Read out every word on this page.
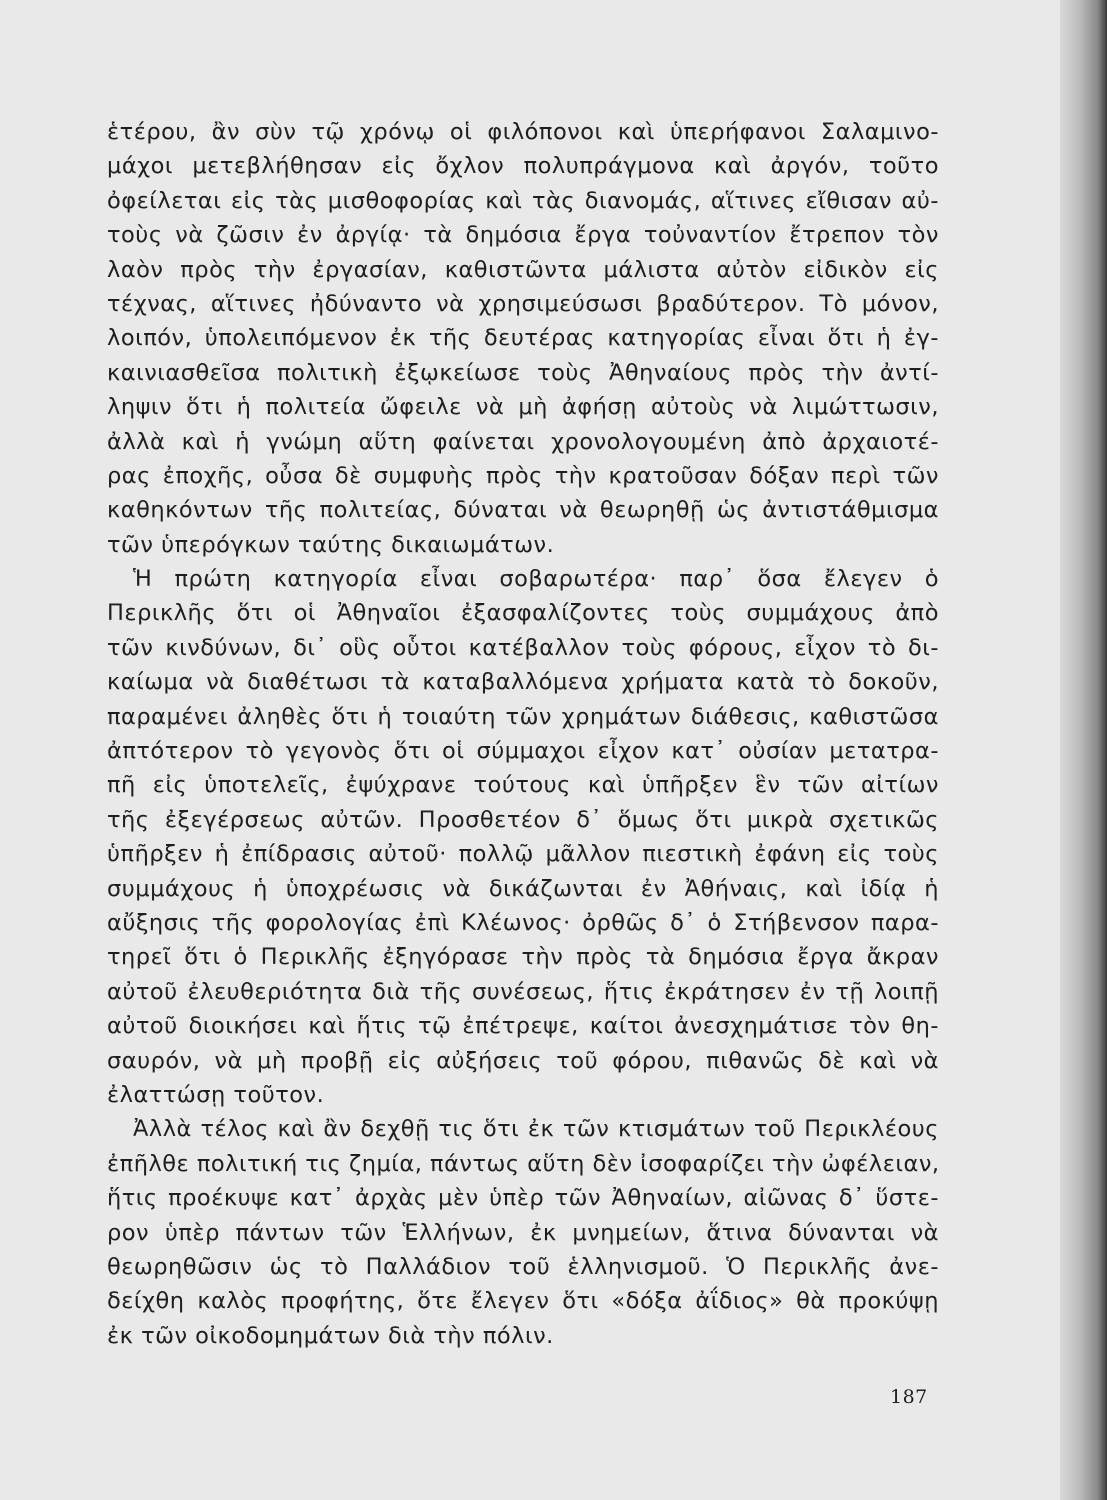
ἑτέρου, ἂν σὺν τῷ χρόνῳ οἱ φιλόπονοι καὶ ὑπερήφανοι Σαλαμινο-
μάχοι μετεβλήθησαν εἰς ὄχλον πολυπράγμονα καὶ ἀργόν, τοῦτο
ὀφείλεται εἰς τὰς μισθοφορίας καὶ τὰς διανομάς, αἵτινες εἴθισαν αὐ-
τοὺς νὰ ζῶσιν ἐν ἀργίᾳ· τὰ δημόσια ἔργα τοὐναντίον ἔτρεπον τὸν
λαὸν πρὸς τὴν ἐργασίαν, καθιστῶντα μάλιστα αὐτὸν εἰδικὸν εἰς
τέχνας, αἵτινες ἠδύναντο νὰ χρησιμεύσωσι βραδύτερον. Τὸ μόνον,
λοιπόν, ὑπολειπόμενον ἐκ τῆς δευτέρας κατηγορίας εἶναι ὅτι ἡ ἐγ-
καινιασθεῖσα πολιτικὴ ἐξῳκείωσε τοὺς Ἀθηναίους πρὸς τὴν ἀντί-
ληψιν ὅτι ἡ πολιτεία ὤφειλε νὰ μὴ ἀφήσῃ αὐτοὺς νὰ λιμώττωσιν,
ἀλλὰ καὶ ἡ γνώμη αὕτη φαίνεται χρονολογουμένη ἀπὸ ἀρχαιοτέ-
ρας ἐποχῆς, οὖσα δὲ συμφυὴς πρὸς τὴν κρατοῦσαν δόξαν περὶ τῶν
καθηκόντων τῆς πολιτείας, δύναται νὰ θεωρηθῇ ὡς ἀντιστάθμισμα
τῶν ὑπερόγκων ταύτης δικαιωμάτων.
Ἡ πρώτη κατηγορία εἶναι σοβαρωτέρα· παρ᾽ ὅσα ἔλεγεν ὁ
Περικλῆς ὅτι οἱ Ἀθηναῖοι ἐξασφαλίζοντες τοὺς συμμάχους ἀπὸ
τῶν κινδύνων, δι᾽ οὓς οὗτοι κατέβαλλον τοὺς φόρους, εἶχον τὸ δι-
καίωμα νὰ διαθέτωσι τὰ καταβαλλόμενα χρήματα κατὰ τὸ δοκοῦν,
παραμένει ἀληθὲς ὅτι ἡ τοιαύτη τῶν χρημάτων διάθεσις, καθιστῶσα
ἀπτότερον τὸ γεγονὸς ὅτι οἱ σύμμαχοι εἶχον κατ᾽ οὐσίαν μετατρα-
πῆ εἰς ὑποτελεῖς, ἐψύχρανε τούτους καὶ ὑπῆρξεν ἓν τῶν αἰτίων
τῆς ἐξεγέρσεως αὐτῶν. Προσθετέον δ᾽ ὅμως ὅτι μικρὰ σχετικῶς
ὑπῆρξεν ἡ ἐπίδρασις αὐτοῦ· πολλῷ μᾶλλον πιεστικὴ ἐφάνη εἰς τοὺς
συμμάχους ἡ ὑποχρέωσις νὰ δικάζωνται ἐν Ἀθήναις, καὶ ἰδίᾳ ἡ
αὔξησις τῆς φορολογίας ἐπὶ Κλέωνος· ὀρθῶς δ᾽ ὁ Στήβενσον παρα-
τηρεῖ ὅτι ὁ Περικλῆς ἐξηγόρασε τὴν πρὸς τὰ δημόσια ἔργα ἄκραν
αὐτοῦ ἐλευθεριότητα διὰ τῆς συνέσεως, ἥτις ἐκράτησεν ἐν τῇ λοιπῇ
αὐτοῦ διοικήσει καὶ ἥτις τῷ ἐπέτρεψε, καίτοι ἀνεσχημάτισε τὸν θη-
σαυρόν, νὰ μὴ προβῇ εἰς αὐξήσεις τοῦ φόρου, πιθανῶς δὲ καὶ νὰ
ἐλαττώσῃ τοῦτον.
Ἀλλὰ τέλος καὶ ἂν δεχθῇ τις ὅτι ἐκ τῶν κτισμάτων τοῦ Περικλέους
ἐπῆλθε πολιτική τις ζημία, πάντως αὕτη δὲν ἰσοφαρίζει τὴν ὠφέλειαν,
ἥτις προέκυψε κατ᾽ ἀρχὰς μὲν ὑπὲρ τῶν Ἀθηναίων, αἰῶνας δ᾽ ὕστε-
ρον ὑπὲρ πάντων τῶν Ἑλλήνων, ἐκ μνημείων, ἅτινα δύνανται νὰ
θεωρηθῶσιν ὡς τὸ Παλλάδιον τοῦ ἑλληνισμοῦ. Ὁ Περικλῆς ἀνε-
δείχθη καλὸς προφήτης, ὅτε ἔλεγεν ὅτι «δόξα ἀΐδιος» θὰ προκύψῃ
ἐκ τῶν οἰκοδομημάτων διὰ τὴν πόλιν.
187
